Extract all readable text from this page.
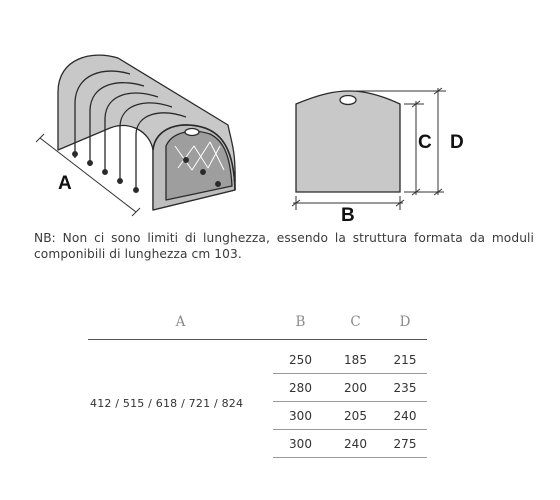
A
B
C D
NB: Non ci sono limiti di lunghezza, essendo la struttura formata da moduli componibili di lunghezza cm 103.
A	B	C	D
412 / 515 / 618 / 721 / 824	250	185	215
	280	200	235
	300	205	240
	300	240	275
